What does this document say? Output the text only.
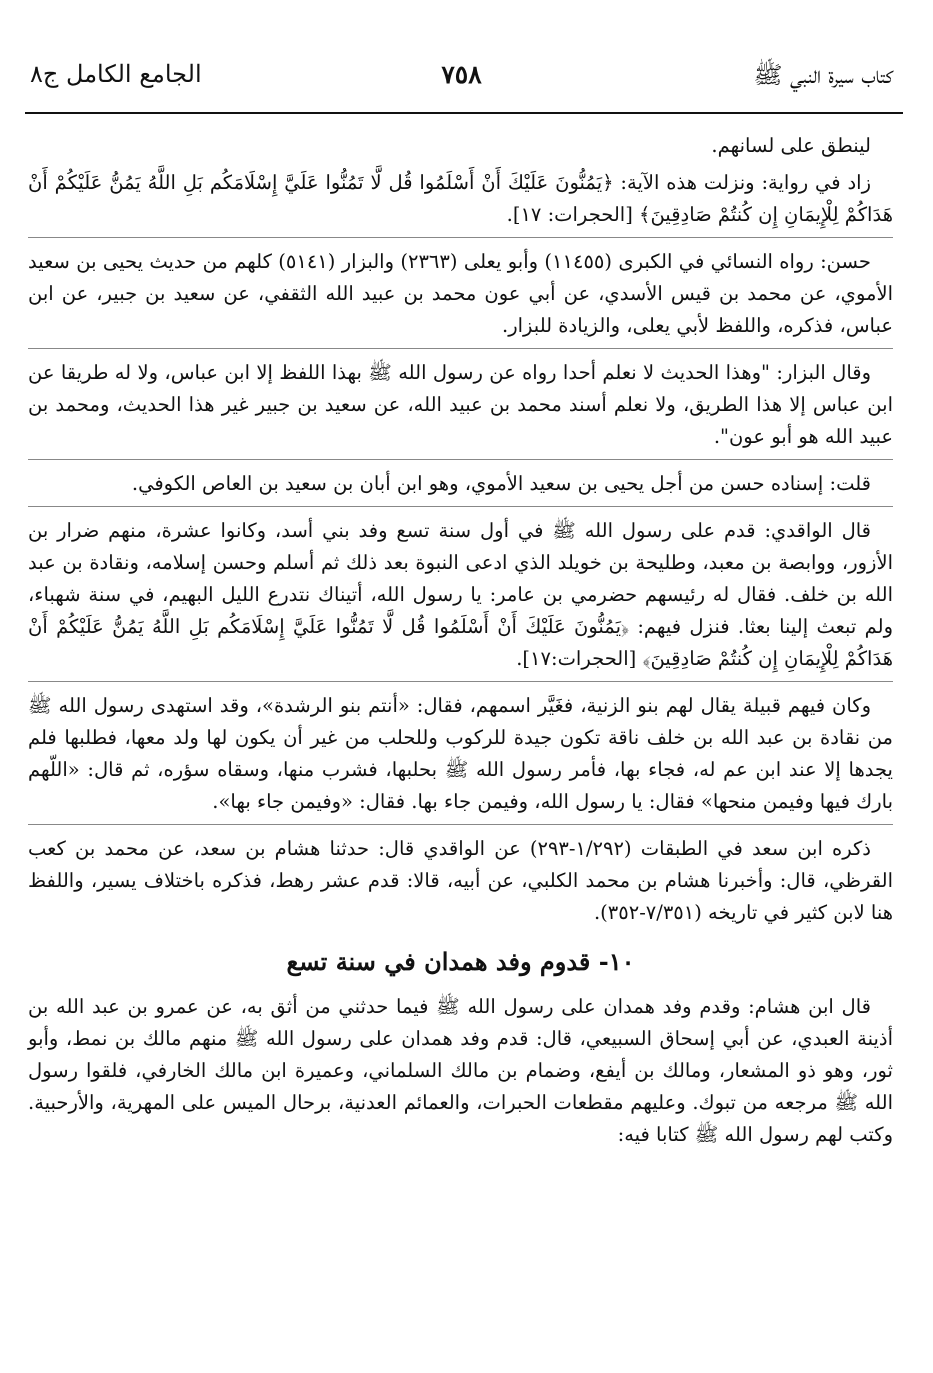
كتاب سيرة النبي ﷺ
٧٥٨
الجامع الكامل ج٨

لينطق على لسانهم.

زاد في رواية: ونزلت هذه الآية: ﴿يَمُنُّونَ عَلَيْكَ أَنْ أَسْلَمُوا قُل لَّا تَمُنُّوا عَلَيَّ إِسْلَامَكُم بَلِ اللَّهُ يَمُنُّ عَلَيْكُمْ أَنْ هَدَاكُمْ لِلْإِيمَانِ إِن كُنتُمْ صَادِقِينَ﴾ [الحجرات: ١٧].

حسن: رواه النسائي في الكبرى (١١٤٥٥) وأبو يعلى (٢٣٦٣) والبزار (٥١٤١) كلهم من حديث يحيى بن سعيد الأموي، عن محمد بن قيس الأسدي، عن أبي عون محمد بن عبيد الله الثقفي، عن سعيد بن جبير، عن ابن عباس، فذكره، واللفظ لأبي يعلى، والزيادة للبزار.

وقال البزار: "وهذا الحديث لا نعلم أحدا رواه عن رسول الله ﷺ بهذا اللفظ إلا ابن عباس، ولا له طريقا عن ابن عباس إلا هذا الطريق، ولا نعلم أسند محمد بن عبيد الله، عن سعيد بن جبير غير هذا الحديث، ومحمد بن عبيد الله هو أبو عون".

قلت: إسناده حسن من أجل يحيى بن سعيد الأموي، وهو ابن أبان بن سعيد بن العاص الكوفي.

قال الواقدي: قدم على رسول الله ﷺ في أول سنة تسع وفد بني أسد، وكانوا عشرة، منهم ضرار بن الأزور، ووابصة بن معبد، وطليحة بن خويلد الذي ادعى النبوة بعد ذلك ثم أسلم وحسن إسلامه، ونقادة بن عبد الله بن خلف. فقال له رئيسهم حضرمي بن عامر: يا رسول الله، أتيناك نتدرع الليل البهيم، في سنة شهباء، ولم تبعث إلينا بعثا. فنزل فيهم: ﴿يَمُنُّونَ عَلَيْكَ أَنْ أَسْلَمُوا قُل لَّا تَمُنُّوا عَلَيَّ إِسْلَامَكُم بَلِ اللَّهُ يَمُنُّ عَلَيْكُمْ أَنْ هَدَاكُمْ لِلْإِيمَانِ إِن كُنتُمْ صَادِقِينَ﴾ [الحجرات:١٧].

وكان فيهم قبيلة يقال لهم بنو الزنية، فغَيَّر اسمهم، فقال: «أنتم بنو الرشدة»، وقد استهدى رسول الله ﷺ من نقادة بن عبد الله بن خلف ناقة تكون جيدة للركوب وللحلب من غير أن يكون لها ولد معها، فطلبها فلم يجدها إلا عند ابن عم له، فجاء بها، فأمر رسول الله ﷺ بحلبها، فشرب منها، وسقاه سؤره، ثم قال: «اللّهم بارك فيها وفيمن منحها» فقال: يا رسول الله، وفيمن جاء بها. فقال: «وفيمن جاء بها».

ذكره ابن سعد في الطبقات (١/٢٩٢-٢٩٣) عن الواقدي قال: حدثنا هشام بن سعد، عن محمد بن كعب القرظي، قال: وأخبرنا هشام بن محمد الكلبي، عن أبيه، قالا: قدم عشر رهط، فذكره باختلاف يسير، واللفظ هنا لابن كثير في تاريخه (٧/٣٥١-٣٥٢).

١٠- قدوم وفد همدان في سنة تسع

قال ابن هشام: وقدم وفد همدان على رسول الله ﷺ فيما حدثني من أثق به، عن عمرو بن عبد الله بن أذينة العبدي، عن أبي إسحاق السبيعي، قال: قدم وفد همدان على رسول الله ﷺ منهم مالك بن نمط، وأبو ثور، وهو ذو المشعار، ومالك بن أيفع، وضمام بن مالك السلماني، وعميرة ابن مالك الخارفي، فلقوا رسول الله ﷺ مرجعه من تبوك. وعليهم مقطعات الحبرات، والعمائم العدنية، برحال الميس على المهرية، والأرحبية. وكتب لهم رسول الله ﷺ كتابا فيه:
